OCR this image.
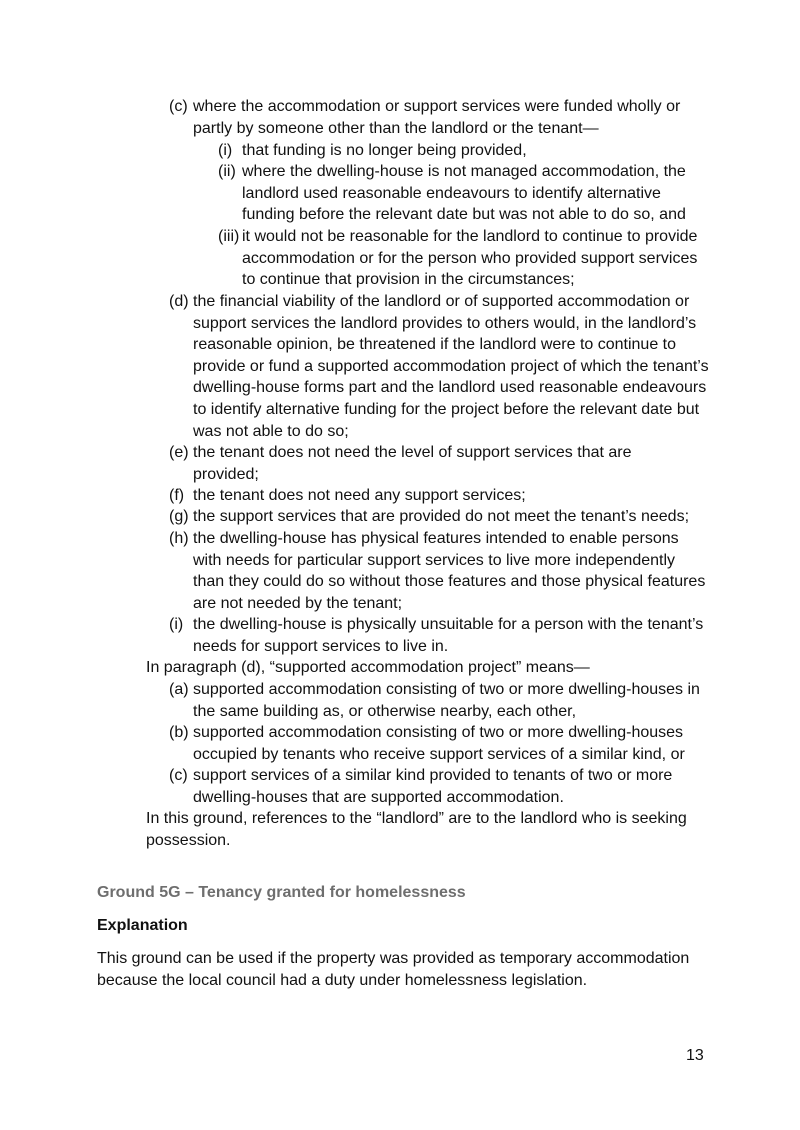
(c) where the accommodation or support services were funded wholly or partly by someone other than the landlord or the tenant—
(i) that funding is no longer being provided,
(ii) where the dwelling-house is not managed accommodation, the landlord used reasonable endeavours to identify alternative funding before the relevant date but was not able to do so, and
(iii) it would not be reasonable for the landlord to continue to provide accommodation or for the person who provided support services to continue that provision in the circumstances;
(d) the financial viability of the landlord or of supported accommodation or support services the landlord provides to others would, in the landlord’s reasonable opinion, be threatened if the landlord were to continue to provide or fund a supported accommodation project of which the tenant’s dwelling-house forms part and the landlord used reasonable endeavours to identify alternative funding for the project before the relevant date but was not able to do so;
(e) the tenant does not need the level of support services that are provided;
(f) the tenant does not need any support services;
(g) the support services that are provided do not meet the tenant’s needs;
(h) the dwelling-house has physical features intended to enable persons with needs for particular support services to live more independently than they could do so without those features and those physical features are not needed by the tenant;
(i) the dwelling-house is physically unsuitable for a person with the tenant’s needs for support services to live in.
In paragraph (d), “supported accommodation project” means—
(a) supported accommodation consisting of two or more dwelling-houses in the same building as, or otherwise nearby, each other,
(b) supported accommodation consisting of two or more dwelling-houses occupied by tenants who receive support services of a similar kind, or
(c) support services of a similar kind provided to tenants of two or more dwelling-houses that are supported accommodation.
In this ground, references to the “landlord” are to the landlord who is seeking possession.
Ground 5G – Tenancy granted for homelessness
Explanation
This ground can be used if the property was provided as temporary accommodation because the local council had a duty under homelessness legislation.
13
